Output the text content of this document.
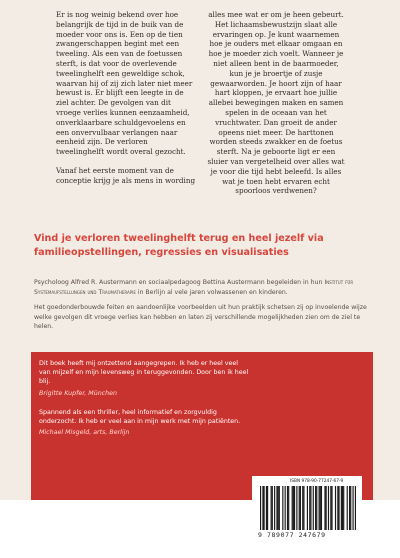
Er is nog weinig bekend over hoe belangrijk de tijd in de buik van de moeder voor ons is. Een op de tien zwangerschappen begint met een tweeling. Als een van de foetussen sterft, is dat voor de overlevende tweelinghelft een geweldige schok, waarvan hij of zij zich later niet meer bewust is. Er blijft een leegte in de ziel achter. De gevolgen van dit vroege verlies kunnen eenzaamheid, onverklaarbare schuldgevoelens en een onvervulbaar verlangen naar eenheid zijn. De verloren tweelinghelft wordt overal gezocht.

Vanaf het eerste moment van de conceptie krijg je als mens in wording

alles mee wat er om je heen gebeurt. Het lichaamsbewustzijn slaat alle ervaringen op. Je kunt waarnemen hoe je ouders met elkaar omgaan en hoe je moeder zich voelt. Wanneer je niet alleen bent in de baarmoeder, kun je je broertje of zusje gewaarworden. Je hoort zijn of haar hart kloppen, je ervaart hoe jullie allebei bewegingen maken en samen spelen in de oceaan van het vruchtwater. Dan groeit de ander opeens niet meer. De harttonen worden steeds zwakker en de foetus sterft. Na je geboorte ligt er een sluier van vergetelheid over alles wat je voor die tijd hebt beleefd. Is alles wat je toen hebt ervaren echt spoorloos verdwenen?

Vind je verloren tweelinghelft terug en heel jezelf via familieopstellingen, regressies en visualisaties

Psycholoog Alfred R. Austermann en sociaalpedagoog Bettina Austermann begeleiden in hun Institut für Systemaufstellungen und Traumatherapie in Berlijn al vele jaren volwassenen en kinderen.

Het goedonderbouwde feiten en aandoenlijke voorbeelden uit hun praktijk schetsen zij op invoelende wijze welke gevolgen dit vroege verlies kan hebben en laten zij verschillende mogelijkheden zien om de ziel te helen.

Dit boek heeft mij ontzettend aangegrepen. Ik heb er heel veel van mijzelf en mijn levensweg in teruggevonden. Door ben ik heel blij.

Brigitte Kupfer, München

Spannend als een thriller, heel informatief en zorgvuldig onderzocht. Ik heb er veel aan in mijn werk met mijn patiënten.

Michael Misgeld, arts, Berlijn

ISBN 978-90-77247-67-9
9 789077 247679
Uitgeverij Akasha
